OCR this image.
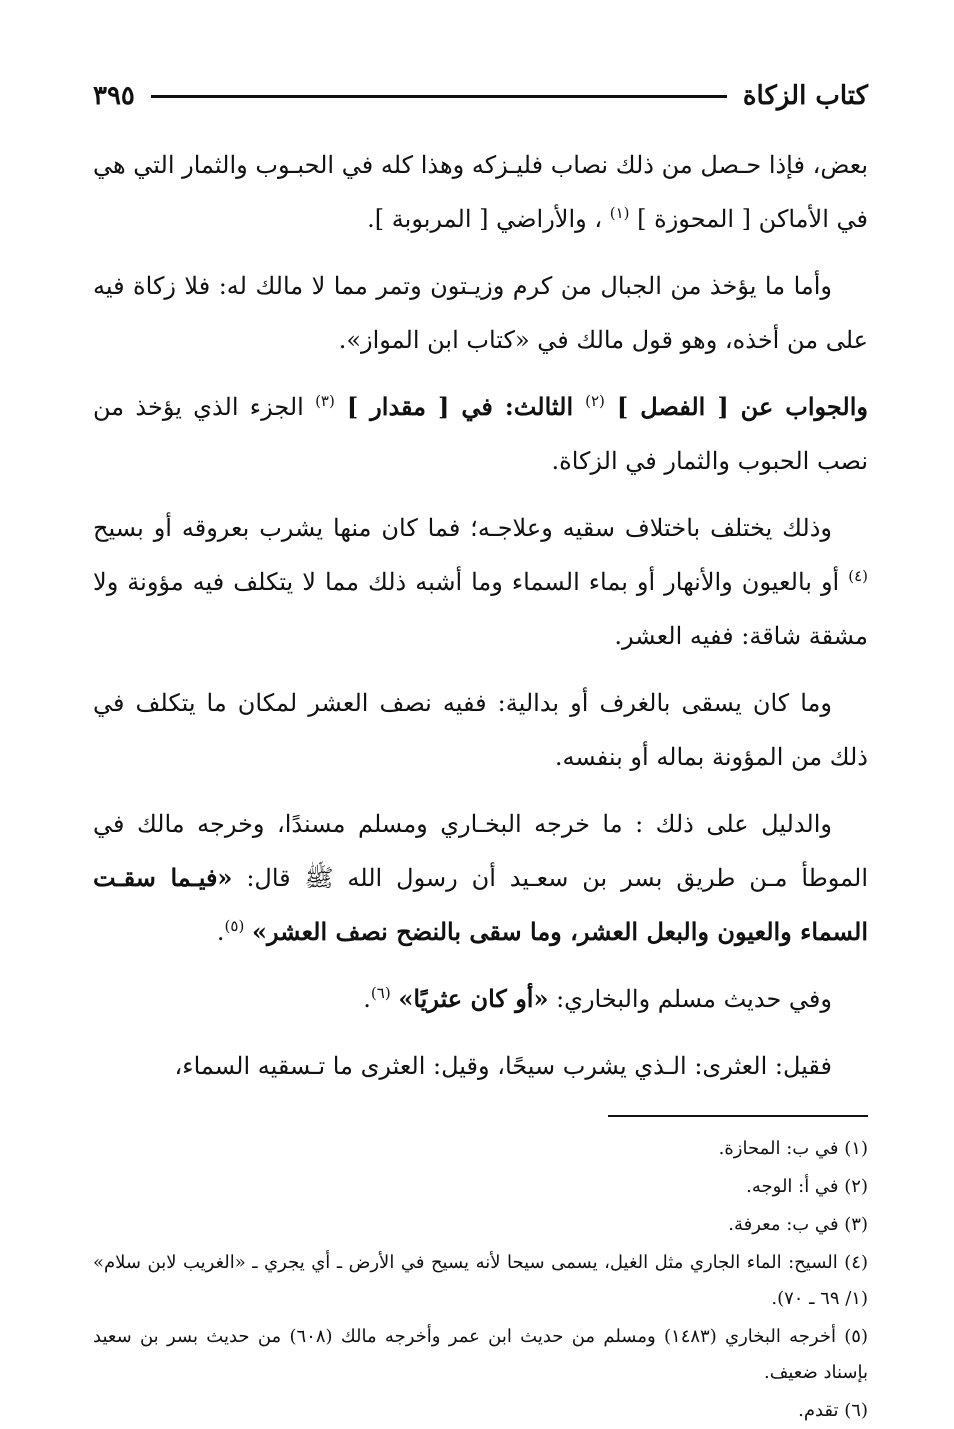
كتاب الزكاة
٣٩٥

بعض، فإذا حـصل من ذلك نصاب فليـزكه وهذا كله في الحبـوب والثمار التي هي في الأماكن [ المحوزة ] $^{(١)}$ ، والأراضي [ المربوبة ].

وأما ما يؤخذ من الجبال من كرم وزيـتون وتمر مما لا مالك له: فلا زكاة فيه على من أخذه، وهو قول مالك في «كتاب ابن المواز».

والجواب عن [ الفصل ] $^{(٢)}$ الثالث: في [ مقدار ] $^{(٣)}$ الجزء الذي يؤخذ من نصب الحبوب والثمار في الزكاة.

وذلك يختلف باختلاف سقيه وعلاجـه؛ فما كان منها يشرب بعروقه أو بسيح $^{(٤)}$ أو بالعيون والأنهار أو بماء السماء وما أشبه ذلك مما لا يتكلف فيه مؤونة ولا مشقة شاقة: ففيه العشر.

وما كان يسقى بالغرف أو بدالية: ففيه نصف العشر لمكان ما يتكلف في ذلك من المؤونة بماله أو بنفسه.

والدليل على ذلك : ما خرجه البخـاري ومسلم مسندًا، وخرجه مالك في الموطأ مـن طريق بسر بن سعـيد أن رسول الله ﷺ قال: «فيـما سقـت السماء والعيون والبعل العشر، وما سقى بالنضح نصف العشر» $^{(٥)}$.

وفي حديث مسلم والبخاري: «أو كان عثريًا» $^{(٦)}$.

فقيل: العثرى: الـذي يشرب سيحًا، وقيل: العثرى ما تـسقيه السماء،

(١) في ب: المحازة.

(٢) في أ: الوجه.

(٣) في ب: معرفة.

(٤) السيح: الماء الجاري مثل الغيل، يسمى سيحا لأنه يسيح في الأرض ـ أي يجري ـ «الغريب لابن سلام» (١/ ٦٩ ـ ٧٠).

(٥) أخرجه البخاري (١٤٨٣) ومسلم من حديث ابن عمر وأخرجه مالك (٦٠٨) من حديث بسر بن سعيد بإسناد ضعيف.

(٦) تقدم.
